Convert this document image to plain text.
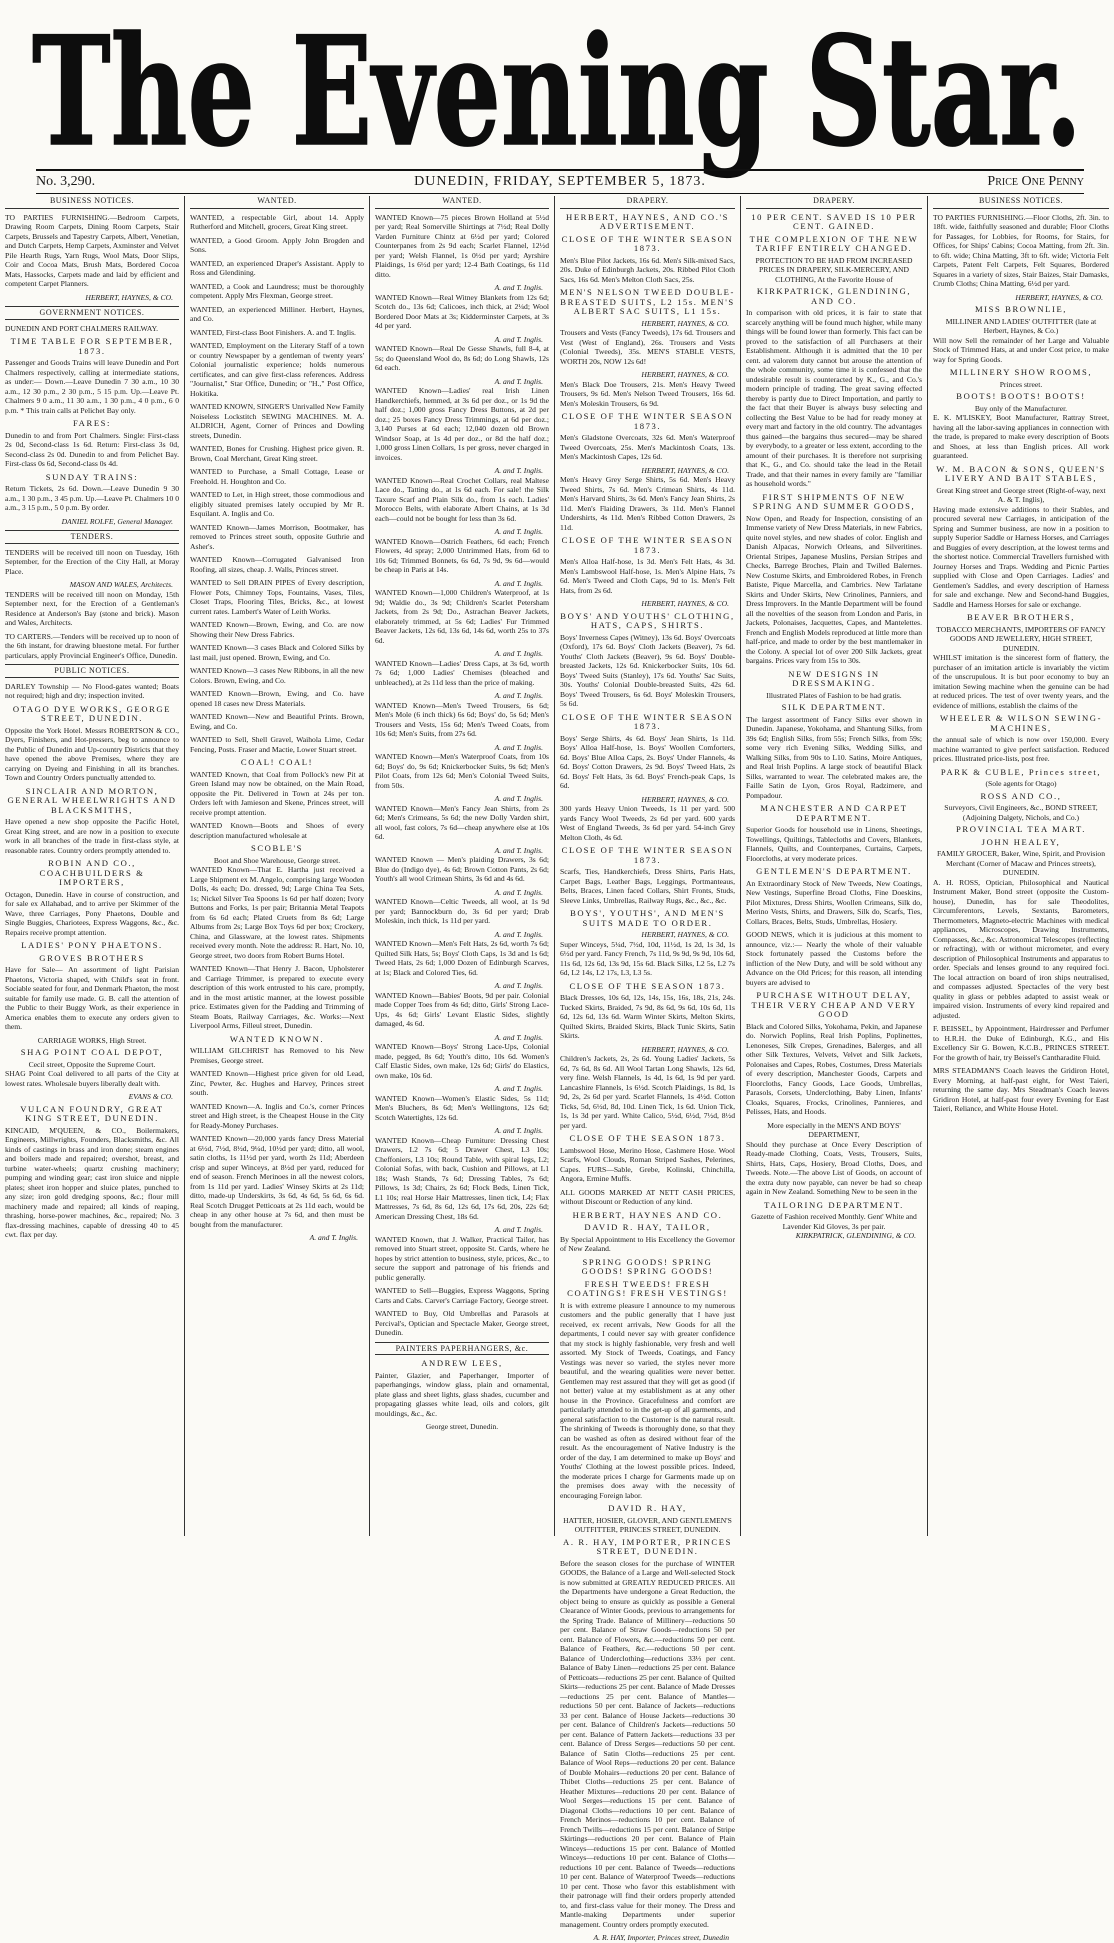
The Evening Star.
No. 3,290.	DUNEDIN, FRIDAY, SEPTEMBER 5, 1873.	Price One Penny
BUSINESS NOTICES.
TO PARTIES FURNISHING.—Bedroom Carpets, Drawing Room Carpets, Dining Room Carpets, Stair Carpets, Brussels and Tapestry Carpets, Albert, Venetian, and Dutch Carpets, Hemp Carpets, Axminster and Velvet Pile Hearth Rugs, Yarn Rugs, Wool Mats, Door Slips, Coir and Cocoa Mats, Brush Mats, Bordered Cocoa Mats, Hassocks, Carpets made and laid by efficient and competent Carpet Planners.
HERBERT, HAYNES, & CO.
GOVERNMENT NOTICES.
DUNEDIN AND PORT CHALMERS RAILWAY.
TIME TABLE FOR SEPTEMBER, 1873.
Passenger and Goods Trains will leave Dunedin and Port Chalmers respectively, calling at intermediate stations, as under:— Down.—Leave Dunedin 7 30 a.m., 10 30 a.m., 12 30 p.m., 2 30 p.m., 5 15 p.m. Up.—Leave Pt. Chalmers 9 0 a.m., 11 30 a.m., 1 30 p.m., 4 0 p.m., 6 0 p.m. * This train calls at Pelichet Bay only.
FARES:
Dunedin to and from Port Chalmers. Single: First-class 2s 0d, Second-class 1s 6d. Return: First-class 3s 0d, Second-class 2s 0d. Dunedin to and from Pelichet Bay. First-class 0s 6d, Second-class 0s 4d.
SUNDAY TRAINS:
Return Tickets, 2s 6d. Down.—Leave Dunedin 9 30 a.m., 1 30 p.m., 3 45 p.m. Up.—Leave Pt. Chalmers 10 0 a.m., 3 15 p.m., 5 0 p.m. By order.
DANIEL ROLFE, General Manager.
TENDERS.
TENDERS will be received till noon on Tuesday, 16th September, for the Erection of the City Hall, at Moray Place.
MASON AND WALES, Architects.
TENDERS will be received till noon on Monday, 15th September next, for the Erection of a Gentleman's Residence at Anderson's Bay (stone and brick). Mason and Wales, Architects.
TO CARTERS.—Tenders will be received up to noon of the 6th instant, for drawing bluestone metal. For further particulars, apply Provincial Engineer's Office, Dunedin.
PUBLIC NOTICES.
DARLEY Township — No Flood-gates wanted; Boats not required; high and dry; inspection invited.
OTAGO DYE WORKS, GEORGE STREET, DUNEDIN.
Opposite the York Hotel. Messrs ROBERTSON & CO., Dyers, Finishers, and Hot-pressers, beg to announce to the Public of Dunedin and Up-country Districts that they have opened the above Premises, where they are carrying on Dyeing and Finishing in all its branches. Town and Country Orders punctually attended to.
SINCLAIR AND MORTON, GENERAL WHEELWRIGHTS AND BLACKSMITHS,
Have opened a new shop opposite the Pacific Hotel, Great King street, and are now in a position to execute work in all branches of the trade in first-class style, at reasonable rates. Country orders promptly attended to.
ROBIN AND CO., COACHBUILDERS & IMPORTERS,
Octagon, Dunedin. Have in course of construction, and for sale ex Allahabad, and to arrive per Skimmer of the Wave, three Carriages, Pony Phaetons, Double and Single Buggies, Chariotees, Express Waggons, &c., &c. Repairs receive prompt attention.
LADIES' PONY PHAETONS.
GROVES BROTHERS
Have for Sale— An assortment of light Parisian Phaetons, Victoria shaped, with Child's seat in front. Sociable seated for four, and Denmark Phaeton, the most suitable for family use made. G. B. call the attention of the Public to their Buggy Work, as their experience in America enables them to execute any orders given to them.
CARRIAGE WORKS, High Street.
SHAG POINT COAL DEPOT,
Cecil street, Opposite the Supreme Court.
SHAG Point Coal delivered to all parts of the City at lowest rates. Wholesale buyers liberally dealt with.
EVANS & CO.
VULCAN FOUNDRY, GREAT KING STREET, DUNEDIN.
KINCAID, M'QUEEN, & CO., Boilermakers, Engineers, Millwrights, Founders, Blacksmiths, &c. All kinds of castings in brass and iron done; steam engines and boilers made and repaired; overshot, breast, and turbine water-wheels; quartz crushing machinery; pumping and winding gear; cast iron sluice and nipple plates; sheet iron hopper and sluice plates, punched to any size; iron gold dredging spoons, &c.; flour mill machinery made and repaired; all kinds of reaping, thrashing, horse-power machines, &c., repaired; No. 3 flax-dressing machines, capable of dressing 40 to 45 cwt. flax per day.
WANTED.
WANTED, a respectable Girl, about 14. Apply Rutherford and Mitchell, grocers, Great King street.
WANTED, a Good Groom. Apply John Brogden and Sons.
WANTED, an experienced Draper's Assistant. Apply to Ross and Glendining.
WANTED, a Cook and Laundress; must be thoroughly competent. Apply Mrs Flexman, George street.
WANTED, an experienced Milliner. Herbert, Haynes, and Co.
WANTED, First-class Boot Finishers. A. and T. Inglis.
WANTED, Employment on the Literary Staff of a town or country Newspaper by a gentleman of twenty years' Colonial journalistic experience; holds numerous certificates, and can give first-class references. Address "Journalist," Star Office, Dunedin; or "H.," Post Office, Hokitika.
WANTED KNOWN, SINGER'S Unrivalled New Family Noiseless Lockstitch SEWING MACHINES. M. A. ALDRICH, Agent, Corner of Princes and Dowling streets, Dunedin.
WANTED, Bones for Crushing. Highest price given. R. Brown, Coal Merchant, Great King street.
WANTED to Purchase, a Small Cottage, Lease or Freehold. H. Houghton and Co.
WANTED to Let, in High street, those commodious and eligibly situated premises lately occupied by Mr R. Esquilant. A. Inglis and Co.
WANTED Known—James Morrison, Bootmaker, has removed to Princes street south, opposite Guthrie and Asher's.
WANTED Known—Corrugated Galvanised Iron Roofing, all sizes, cheap. J. Walls, Princes street.
WANTED to Sell DRAIN PIPES of Every description, Flower Pots, Chimney Tops, Fountains, Vases, Tiles, Closet Traps, Flooring Tiles, Bricks, &c., at lowest current rates. Lambert's Water of Leith Works.
WANTED Known—Brown, Ewing, and Co. are now Showing their New Dress Fabrics.
WANTED Known—3 cases Black and Colored Silks by last mail, just opened. Brown, Ewing, and Co.
WANTED Known—3 cases New Ribbons, in all the new Colors. Brown, Ewing, and Co.
WANTED Known—Brown, Ewing, and Co. have opened 18 cases new Dress Materials.
WANTED Known—New and Beautiful Prints. Brown, Ewing, and Co.
WANTED to Sell, Shell Gravel, Waihola Lime, Cedar Fencing, Posts. Fraser and Mactie, Lower Stuart street.
COAL! COAL!
WANTED Known, that Coal from Pollock's new Pit at Green Island may now be obtained, on the Main Road, opposite the Pit. Delivered in Town at 24s per ton. Orders left with Jamieson and Skene, Princes street, will receive prompt attention.
WANTED Known—Boots and Shoes of every description manufactured wholesale at
SCOBLE'S
Boot and Shoe Warehouse, George street.
WANTED Known—That E. Hartha just received a Large Shipment ex M. Angelo, comprising large Wooden Dolls, 4s each; Do. dressed, 9d; Large China Tea Sets, 1s; Nickel Silver Tea Spoons 1s 6d per half dozen; Ivory Buttons and Forks, 1s per pair; Britannia Metal Teapots from 6s 6d each; Plated Cruets from 8s 6d; Large Albums from 2s; Large Box Toys 6d per box; Crockery, China, and Glassware, at the lowest rates. Shipments received every month. Note the address: R. Hart, No. 10, George street, two doors from Robert Burns Hotel.
WANTED Known—That Henry J. Bacon, Upholsterer and Carriage Trimmer, is prepared to execute every description of this work entrusted to his care, promptly, and in the most artistic manner, at the lowest possible price. Estimates given for the Padding and Trimming of Steam Boats, Railway Carriages, &c. Works:—Next Liverpool Arms, Filleul street, Dunedin.
WANTED KNOWN.
WILLIAM GILCHRIST has Removed to his New Premises, George street.
WANTED Known—Highest price given for old Lead, Zinc, Pewter, &c. Hughes and Harvey, Princes street south.
WANTED Known—A. Inglis and Co.'s, corner Princes street and High street, is the Cheapest House in the City for Ready-Money Purchases.
WANTED Known—20,000 yards fancy Dress Material at 6½d, 7½d, 8½d, 9¼d, 10½d per yard; ditto, all wool, satin cloths, 1s 11½d per yard, worth 2s 11d; Aberdeen crisp and super Winceys, at 8½d per yard, reduced for end of season. French Merinoes in all the newest colors, from 1s 11d per yard. Ladies' Winsey Skirts at 2s 11d; ditto, made-up Underskirts, 3s 6d, 4s 6d, 5s 6d, 6s 6d. Real Scotch Drugget Petticoats at 2s 11d each, would be cheap in any other house at 7s 6d, and then must be bought from the manufacturer.
A. and T. Inglis.
WANTED.
WANTED Known—75 pieces Brown Holland at 5½d per yard; Real Somerville Shirtings at 7½d; Real Dolly Varden Furniture Chintz at 6½d per yard; Colored Counterpanes from 2s 9d each; Scarlet Flannel, 12½d per yard; Welsh Flannel, 1s 0½d per yard; Ayrshire Plaidings, 1s 6½d per yard; 12-4 Bath Coatings, 6s 11d ditto.
A. and T. Inglis.
WANTED Known—Real Witney Blankets from 12s 6d; Scotch do., 13s 6d; Calicoes, inch thick, at 2¼d; Wool Bordered Door Mats at 3s; Kidderminster Carpets, at 3s 4d per yard.
A. and T. Inglis.
WANTED Known—Real De Gesse Shawls, full 8-4, at 5s; do Queensland Wool do, 8s 6d; do Long Shawls, 12s 6d each.
A. and T. Inglis.
WANTED Known—Ladies' real Irish Linen Handkerchiefs, hemmed, at 3s 6d per doz., or 1s 9d the half doz.; 1,000 gross Fancy Dress Buttons, at 2d per doz.; 25 boxes Fancy Dress Trimmings, at 6d per doz.; 3,140 Purses at 6d each; 12,040 dozen old Brown Windsor Soap, at 1s 4d per doz., or 8d the half doz.; 1,000 gross Linen Collars, 1s per gross, never charged in invoices.
A. and T. Inglis.
WANTED Known—Real Crochet Collars, real Maltese Lace do., Tatting do., at 1s 6d each. For sale! the Silk Taxure Scarf and Plain Silk do., from 1s each. Ladies' Morocco Belts, with elaborate Albert Chains, at 1s 3d each—could not be bought for less than 3s 6d.
A. and T. Inglis.
WANTED Known—Ostrich Feathers, 6d each; French Flowers, 4d spray; 2,000 Untrimmed Hats, from 6d to 10s 6d; Trimmed Bonnets, 6s 6d, 7s 9d, 9s 6d—would be cheap in Paris at 14s.
A. and T. Inglis.
WANTED Known—1,000 Children's Waterproof, at 1s 9d; Waldie do., 3s 9d; Children's Scarlet Petersham Jackets, from 2s 9d; Do., Astrachan Beaver Jackets, elaborately trimmed, at 5s 6d; Ladies' Fur Trimmed Beaver Jackets, 12s 6d, 13s 6d, 14s 6d, worth 25s to 37s 6d.
A. and T. Inglis.
WANTED Known—Ladies' Dress Caps, at 3s 6d, worth 7s 6d; 1,000 Ladies' Chemises (bleached and unbleached), at 2s 11d less than the price of making.
A. and T. Inglis.
WANTED Known—Men's Tweed Trousers, 6s 6d; Men's Mole (6 inch thick) 6s 6d; Boys' do, 5s 6d; Men's Trousers and Vests, 15s 6d; Men's Tweed Coats, from 10s 6d; Men's Suits, from 27s 6d.
A. and T. Inglis.
WANTED Known—Men's Waterproof Coats, from 10s 6d; Boys' do, 9s 6d; Knickerbocker Suits, 9s 6d; Men's Pilot Coats, from 12s 6d; Men's Colonial Tweed Suits, from 50s.
A. and T. Inglis.
WANTED Known—Men's Fancy Jean Shirts, from 2s 6d; Men's Crimeans, 5s 6d; the new Dolly Varden shirt, all wool, fast colors, 7s 6d—cheap anywhere else at 10s 6d.
A. and T. Inglis.
WANTED Known — Men's plaiding Drawers, 3s 6d; Blue do (Indigo dye), 4s 6d; Brown Cotton Pants, 2s 6d; Youth's all wool Crimean Shirts, 3s 6d and 4s 6d.
A. and T. Inglis.
WANTED Known—Celtic Tweeds, all wool, at 1s 9d per yard; Bannockburn do, 3s 6d per yard; Drab Moleskin, inch thick, 1s 11d per yard.
A. and T. Inglis.
WANTED Known—Men's Felt Hats, 2s 6d, worth 7s 6d; Quilted Silk Hats, 5s; Boys' Cloth Caps, 1s 3d and 1s 6d; Tweed Hats, 2s 6d; 1,000 Dozen of Edinburgh Scarves, at 1s; Black and Colored Ties, 6d.
A. and T. Inglis.
WANTED Known—Babies' Boots, 9d per pair. Colonial made Copper Toes from 4s 6d; ditto, Girls' Strong Lace-Ups, 4s 6d; Girls' Levant Elastic Sides, slightly damaged, 4s 6d.
A. and T. Inglis.
WANTED Known—Boys' Strong Lace-Ups, Colonial made, pegged, 8s 6d; Youth's ditto, 10s 6d. Women's Calf Elastic Sides, own make, 12s 6d; Girls' do Elastics, own make, 10s 6d.
A. and T. Inglis.
WANTED Known—Women's Elastic Sides, 5s 11d; Men's Bluchers, 8s 6d; Men's Wellingtons, 12s 6d; Scotch Watertights, 12s 6d.
A. and T. Inglis.
WANTED Known—Cheap Furniture: Dressing Chest Drawers, L2 7s 6d; 5 Drawer Chest, L3 10s; Cheffoniers, L3 10s; Round Table, with spiral legs, L2; Colonial Sofas, with back, Cushion and Pillows, at L1 18s; Wash Stands, 7s 6d; Dressing Tables, 7s 6d; Pillows, 1s 3d; Chairs, 2s 6d; Flock Beds, Linen Tick, L1 10s; real Horse Hair Mattresses, linen tick, L4; Flax Mattresses, 7s 6d, 8s 6d, 12s 6d, 17s 6d, 20s, 22s 6d; American Dressing Chest, 18s 6d.
A. and T. Inglis.
WANTED Known, that J. Walker, Practical Tailor, has removed into Stuart street, opposite St. Cards, where he hopes by strict attention to business, style, prices, &c., to secure the support and patronage of his friends and public generally.
WANTED to Sell—Buggies, Express Waggons, Spring Carts and Cabs. Carver's Carriage Factory, George street.
WANTED to Buy, Old Umbrellas and Parasols at Percival's, Optician and Spectacle Maker, George street, Dunedin.
PAINTERS PAPERHANGERS, &c.
ANDREW LEES,
Painter, Glazier, and Paperhanger, Importer of paperhangings, window glass, plain and ornamental, plate glass and sheet lights, glass shades, cucumber and propagating glasses white lead, oils and colors, gilt mouldings, &c., &c.
George street, Dunedin.
DRAPERY.
HERBERT, HAYNES, AND CO.'S ADVERTISEMENT.
CLOSE OF THE WINTER SEASON 1873.
Men's Blue Pilot Jackets, 16s 6d. Men's Silk-mixed Sacs, 20s. Duke of Edinburgh Jackets, 20s. Ribbed Pilot Cloth Sacs, 16s 6d. Men's Melton Cloth Sacs, 25s.
MEN'S NELSON TWEED DOUBLE-BREASTED SUITS, L2 15s. MEN'S ALBERT SAC SUITS, L1 15s.
HERBERT, HAYNES, & CO.
Trousers and Vests (Fancy Tweeds), 17s 6d. Trousers and Vest (West of England), 26s. Trousers and Vests (Colonial Tweeds), 35s. MEN'S STABLE VESTS, WORTH 20s, NOW 12s 6d!
HERBERT, HAYNES, & CO.
Men's Black Doe Trousers, 21s. Men's Heavy Tweed Trousers, 9s 6d. Men's Nelson Tweed Trousers, 16s 6d. Men's Moleskin Trousers, 6s 9d.
CLOSE OF THE WINTER SEASON 1873.
Men's Gladstone Overcoats, 32s 6d. Men's Waterproof Tweed Overcoats, 25s. Men's Mackintosh Coats, 13s. Men's Mackintosh Capes, 12s 6d.
HERBERT, HAYNES, & CO.
Men's Heavy Grey Serge Shirts, 5s 6d. Men's Heavy Tweed Shirts, 7s 6d. Men's Crimean Shirts, 4s 11d. Men's Harvard Shirts, 3s 6d. Men's Fancy Jean Shirts, 2s 11d. Men's Flaiding Drawers, 3s 11d. Men's Flannel Undershirts, 4s 11d. Men's Ribbed Cotton Drawers, 2s 11d.
CLOSE OF THE WINTER SEASON 1873.
Men's Alloa Half-hose, 1s 3d. Men's Felt Hats, 4s 3d. Men's Lambswool Half-hose, 1s. Men's Alpine Hats, 7s 6d. Men's Tweed and Cloth Caps, 9d to 1s. Men's Felt Hats, from 2s 6d.
HERBERT, HAYNES, & CO.
BOYS' AND YOUTHS' CLOTHING, HATS, CAPS, SHIRTS.
Boys' Inverness Capes (Witney), 13s 6d. Boys' Overcoats (Oxford), 17s 6d. Boys' Cloth Jackets (Beaver), 7s 6d. Youths' Cloth Jackets (Beaver), 9s 6d. Boys' Double-breasted Jackets, 12s 6d. Knickerbocker Suits, 10s 6d. Boys' Tweed Suits (Stanley), 17s 6d. Youths' Sac Suits, 30s. Youths' Colonial Double-breasted Suits, 42s 6d. Boys' Tweed Trousers, 6s 6d. Boys' Moleskin Trousers, 5s 6d.
CLOSE OF THE WINTER SEASON 1873.
Boys' Serge Shirts, 4s 6d. Boys' Jean Shirts, 1s 11d. Boys' Alloa Half-hose, 1s. Boys' Woollen Comforters, 6d. Boys' Blue Alloa Caps, 2s. Boys' Under Flannels, 4s 6d. Boys' Cotton Drawers, 2s 9d. Boys' Tweed Hats, 2s 6d. Boys' Felt Hats, 3s 6d. Boys' French-peak Caps, 1s 6d.
HERBERT, HAYNES, & CO.
300 yards Heavy Union Tweeds, 1s 11 per yard. 500 yards Fancy Wool Tweeds, 2s 6d per yard. 600 yards West of England Tweeds, 3s 6d per yard. 54-inch Grey Melton Cloth, 4s 6d.
CLOSE OF THE WINTER SEASON 1873.
Scarfs, Ties, Handkerchiefs, Dress Shirts, Paris Hats, Carpet Bags, Leather Bags, Leggings, Portmanteaus, Belts, Braces, Linen faced Collars, Shirt Fronts, Studs, Sleeve Links, Umbrellas, Railway Rugs, &c., &c., &c.
BOYS', YOUTHS', AND MEN'S SUITS MADE TO ORDER.
HERBERT, HAYNES, & CO.
Super Winceys, 5¼d, 7½d, 10d, 11½d, 1s 2d, 1s 3d, 1s 6½d per yard. Fancy French, 7s 11d, 9s 9d, 9s 9d, 10s 6d, 11s 6d, 12s 6d, 13s 9d, 15s 6d. Black Silks, L2 5s, L2 7s 6d, L2 14s, L2 17s, L3, L3 5s.
CLOSE OF THE SEASON 1873.
Black Dresses, 10s 6d, 12s, 14s, 15s, 16s, 18s, 21s, 24s. Tucked Skirts, Braided, 7s 9d, 8s 6d, 9s 6d, 10s 6d, 11s 6d, 12s 6d, 13s 6d. Warm Winter Skirts, Melton Skirts, Quilted Skirts, Braided Skirts, Black Tunic Skirts, Satin Skirts.
HERBERT, HAYNES, & CO.
Children's Jackets, 2s, 2s 6d. Young Ladies' Jackets, 5s 6d, 7s 6d, 8s 6d. All Wool Tartan Long Shawls, 12s 6d, very fine. Welsh Flannels, 1s 4d, 1s 6d, 1s 9d per yard. Lancashire Flannels, 1s 6½d. Scotch Plaidings, 1s 8d, 1s 9d, 2s, 2s 6d per yard. Scarlet Flannels, 1s 4½d. Cotton Ticks, 5d, 6½d, 8d, 10d. Linen Tick, 1s 6d. Union Tick, 1s, 1s 3d per yard. White Calico, 5½d, 6½d, 7½d, 8½d per yard.
CLOSE OF THE SEASON 1873.
Lambswool Hose, Merino Hose, Cashmere Hose. Wool Scarfs, Wool Clouds, Roman Striped Sashes, Pelerines, Capes. FURS—Sable, Grebe, Kolinski, Chinchilla, Angora, Ermine Muffs.
ALL GOODS MARKED AT NETT CASH PRICES, without Discount or Reduction of any kind.
HERBERT, HAYNES AND CO.
DAVID R. HAY, TAILOR,
By Special Appointment to His Excellency the Governor of New Zealand.
SPRING GOODS! SPRING GOODS! SPRING GOODS!
FRESH TWEEDS! FRESH COATINGS! FRESH VESTINGS!
It is with extreme pleasure I announce to my numerous customers and the public generally that I have just received, ex recent arrivals, New Goods for all the departments, I could never say with greater confidence that my stock is highly fashionable, very fresh and well assorted. My Stock of Tweeds, Coatings, and Fancy Vestings was never so varied, the styles never more beautiful, and the wearing qualities were never better. Gentlemen may rest assured that they will get as good (if not better) value at my establishment as at any other house in the Province. Gracefulness and comfort are particularly attended to in the get-up of all garments, and general satisfaction to the Customer is the natural result. The shrinking of Tweeds is thoroughly done, so that they can be washed as often as desired without fear of the result. As the encouragement of Native Industry is the order of the day, I am determined to make up Boys' and Youths' Clothing at the lowest possible prices. Indeed, the moderate prices I charge for Garments made up on the premises does away with the necessity of encouraging Foreign labor.
DAVID R. HAY,
HATTER, HOSIER, GLOVER, AND GENTLEMEN'S OUTFITTER, PRINCES STREET, DUNEDIN.
A. R. HAY, IMPORTER, PRINCES STREET, DUNEDIN.
Before the season closes for the purchase of WINTER GOODS, the Balance of a Large and Well-selected Stock is now submitted at GREATLY REDUCED PRICES. All the Departments have undergone a Great Reduction, the object being to ensure as quickly as possible a General Clearance of Winter Goods, previous to arrangements for the Spring Trade. Balance of Millinery—reductions 50 per cent. Balance of Straw Goods—reductions 50 per cent. Balance of Flowers, &c.—reductions 50 per cent. Balance of Feathers, &c.—reductions 50 per cent. Balance of Underclothing—reductions 33⅓ per cent. Balance of Baby Linen—reductions 25 per cent. Balance of Petticoats—reductions 25 per cent. Balance of Quilted Skirts—reductions 25 per cent. Balance of Made Dresses—reductions 25 per cent. Balance of Mantles—reductions 50 per cent. Balance of Jackets—reductions 33 per cent. Balance of House Jackets—reductions 30 per cent. Balance of Children's Jackets—reductions 50 per cent. Balance of Pattern Jackets—reductions 33 per cent. Balance of Dress Serges—reductions 50 per cent. Balance of Satin Cloths—reductions 25 per cent. Balance of Wool Reps—reductions 20 per cent. Balance of Double Mohairs—reductions 20 per cent. Balance of Thibet Cloths—reductions 25 per cent. Balance of Heather Mixtures—reductions 20 per cent. Balance of Wool Serges—reductions 15 per cent. Balance of Diagonal Cloths—reductions 10 per cent. Balance of French Merinos—reductions 10 per cent. Balance of French Twills—reductions 15 per cent. Balance of Stripe Skirtings—reductions 20 per cent. Balance of Plain Winceys—reductions 15 per cent. Balance of Mottled Winceys—reductions 10 per cent. Balance of Cloths—reductions 10 per cent. Balance of Tweeds—reductions 10 per cent. Balance of Waterproof Tweeds—reductions 10 per cent. Those who favor this establishment with their patronage will find their orders properly attended to, and first-class value for their money. The Dress and Mantle-making Departments under superior management. Country orders promptly executed.
A. R. HAY, Importer, Princes street, Dunedin
DRAPERY.
10 PER CENT. SAVED IS 10 PER CENT. GAINED.
THE COMPLEXION OF THE NEW TARIFF ENTIRELY CHANGED.
PROTECTION TO BE HAD FROM INCREASED PRICES IN DRAPERY, SILK-MERCERY, AND CLOTHING, At the Favorite House of
KIRKPATRICK, GLENDINING, AND CO.
In comparison with old prices, it is fair to state that scarcely anything will be found much higher, while many things will be found lower than formerly. This fact can be proved to the satisfaction of all Purchasers at their Establishment. Although it is admitted that the 10 per cent. ad valorem duty cannot but arouse the attention of the whole community, some time it is confessed that the undesirable result is counteracted by K., G., and Co.'s modern principle of trading. The great saving effected thereby is partly due to Direct Importation, and partly to the fact that their Buyer is always busy selecting and collecting the Best Value to be had for ready money at every mart and factory in the old country. The advantages thus gained—the bargains thus secured—may be shared by everybody, to a greater or less extent, according to the amount of their purchases. It is therefore not surprising that K., G., and Co. should take the lead in the Retail Trade, and that their names in every family are "familiar as household words."
FIRST SHIPMENTS OF NEW SPRING AND SUMMER GOODS,
Now Open, and Ready for Inspection, consisting of an Immense variety of New Dress Materials, in new Fabrics, quite novel styles, and new shades of color. English and Danish Alpacas, Norwich Orleans, and Silveritines. Oriental Stripes, Japanese Muslins, Persian Stripes and Checks, Barrege Broches, Plain and Twilled Balernes. New Costume Skirts, and Embroidered Robes, in French Batiste, Pique Marcella, and Cambrics. New Tarlatane Skirts and Under Skirts, New Crinolines, Panniers, and Dress Improvers. In the Mantle Department will be found all the novelties of the season from London and Paris, in Jackets, Polonaises, Jacquettes, Capes, and Mantelettes. French and English Models reproduced at little more than half-price, and made to order by the best mantlemaker in the Colony. A special lot of over 200 Silk Jackets, great bargains. Prices vary from 15s to 30s.
NEW DESIGNS IN DRESSMAKING.
Illustrated Plates of Fashion to be had gratis.
SILK DEPARTMENT.
The largest assortment of Fancy Silks ever shown in Dunedin. Japanese, Yokohama, and Shantung Silks, from 39s 6d; English Silks, from 55s; French Silks, from 59s; some very rich Evening Silks, Wedding Silks, and Walking Silks, from 90s to L10. Satins, Moire Antiques, and Real Irish Poplins. A large stock of beautiful Black Silks, warranted to wear. The celebrated makes are, the Faille Satin de Lyon, Gros Royal, Radzimere, and Pompadour.
MANCHESTER AND CARPET DEPARTMENT.
Superior Goods for household use in Linens, Sheetings, Towellings, Quiltings, Tablecloths and Covers, Blankets, Flannels, Quilts, and Counterpanes, Curtains, Carpets, Floorcloths, at very moderate prices.
GENTLEMEN'S DEPARTMENT.
An Extraordinary Stock of New Tweeds, New Coatings, New Vestings, Superfine Broad Cloths, Fine Doeskins, Pilot Mixtures, Dress Shirts, Woollen Crimeans, Silk do, Merino Vests, Shirts, and Drawers, Silk do, Scarfs, Ties, Collars, Braces, Belts, Studs, Umbrellas, Hosiery.
GOOD NEWS, which it is judicious at this moment to announce, viz.:— Nearly the whole of their valuable Stock fortunately passed the Customs before the infliction of the New Duty, and will be sold without any Advance on the Old Prices; for this reason, all intending buyers are advised to
PURCHASE WITHOUT DELAY, THEIR VERY CHEAP AND VERY GOOD
Black and Colored Silks, Yokohama, Pekin, and Japanese do. Norwich Poplins, Real Irish Poplins, Poplinettes, Lenoneses, Silk Crepes, Grenadines, Balerges, and all other Silk Textures, Velvets, Velvet and Silk Jackets, Polonaises and Capes, Robes, Costumes, Dress Materials of every description, Manchester Goods, Carpets and Floorcloths, Fancy Goods, Lace Goods, Umbrellas, Parasols, Corsets, Underclothing, Baby Linen, Infants' Cloaks, Squares, Frocks, Crinolines, Pannieres, and Pelisses, Hats, and Hoods.
More especially in the MEN'S AND BOYS' DEPARTMENT,
Should they purchase at Once Every Description of Ready-made Clothing, Coats, Vests, Trousers, Suits, Shirts, Hats, Caps, Hosiery, Broad Cloths, Does, and Tweeds. Note.—The above List of Goods, on account of the extra duty now payable, can never be had so cheap again in New Zealand. Something New to be seen in the
TAILORING DEPARTMENT.
Gazette of Fashion received Monthly. Gent' White and Lavender Kid Gloves, 3s per pair.
KIRKPATRICK, GLENDINING, & CO.
BUSINESS NOTICES.
TO PARTIES FURNISHING.—Floor Cloths, 2ft. 3in. to 18ft. wide, faithfully seasoned and durable; Floor Cloths for Passages, for Lobbies, for Rooms, for Stairs, for Offices, for Ships' Cabins; Cocoa Matting, from 2ft. 3in. to 6ft. wide; China Matting, 3ft to 6ft. wide; Victoria Felt Carpets, Patent Felt Carpets, Felt Squares, Bordered Squares in a variety of sizes, Stair Baizes, Stair Damasks, Crumb Cloths; China Matting, 6½d per yard.
HERBERT, HAYNES, & CO.
MISS BROWNLIE,
MILLINER AND LADIES' OUTFITTER (late at Herbert, Haynes, & Co.)
Will now Sell the remainder of her Large and Valuable Stock of Trimmed Hats, at and under Cost price, to make way for Spring Goods.
MILLINERY SHOW ROOMS,
Princes street.
BOOTS! BOOTS! BOOTS!
Buy only of the Manufacturer.
E. K. M'LISKEY, Boot Manufacturer, Rattray Street, having all the labor-saving appliances in connection with the trade, is prepared to make every description of Boots and Shoes, at less than English prices. All work guaranteed.
W. M. BACON & SONS, QUEEN'S LIVERY AND BAIT STABLES,
Great King street and George street (Right-of-way, next A. & T. Inglis),
Having made extensive additions to their Stables, and procured several new Carriages, in anticipation of the Spring and Summer business, are now in a position to supply Superior Saddle or Harness Horses, and Carriages and Buggies of every description, at the lowest terms and the shortest notice. Commercial Travellers furnished with Journey Horses and Traps. Wedding and Picnic Parties supplied with Close and Open Carriages. Ladies' and Gentlemen's Saddles, and every description of Harness for sale and exchange. New and Second-hand Buggies, Saddle and Harness Horses for sale or exchange.
BEAVER BROTHERS,
TOBACCO MERCHANTS, IMPORTERS OF FANCY GOODS AND JEWELLERY, HIGH STREET, DUNEDIN.
WHILST imitation is the sincerest form of flattery, the purchaser of an imitation article is invariably the victim of the unscrupulous. It is but poor economy to buy an imitation Sewing machine when the genuine can be had at reduced prices. The test of over twenty years, and the evidence of millions, establish the claims of the
WHEELER & WILSON SEWING-MACHINES,
the annual sale of which is now over 150,000. Every machine warranted to give perfect satisfaction. Reduced prices. Illustrated price-lists, post free.
PARK & CUBLE, Princes street,
(Sole agents for Otago)
ROSS AND CO.,
Surveyors, Civil Engineers, &c., BOND STREET, (Adjoining Dalgety, Nichols, and Co.)
PROVINCIAL TEA MART.
JOHN HEALEY,
FAMILY GROCER, Baker, Wine, Spirit, and Provision Merchant (Corner of Macaw and Princes streets), DUNEDIN.
A. H. ROSS, Optician, Philosophical and Nautical Instrument Maker, Bond street (opposite the Custom-house), Dunedin, has for sale Theodolites, Circumferentors, Levels, Sextants, Barometers, Thermometers, Magneto-electric Machines with medical appliances, Microscopes, Drawing Instruments, Compasses, &c., &c. Astronomical Telescopes (reflecting or refracting), with or without micrometer, and every description of Philosophical Instruments and apparatus to order. Specials and lenses ground to any required foci. The local attraction on board of iron ships neutralised, and compasses adjusted. Spectacles of the very best quality in glass or pebbles adapted to assist weak or impaired vision. Instruments of every kind repaired and adjusted.
F. BEISSEL, by Appointment, Hairdresser and Perfumer to H.R.H. the Duke of Edinburgh, K.G., and His Excellency Sir G. Bowen, K.C.B., PRINCES STREET. For the growth of hair, try Beissel's Cantharadite Fluid.
MRS STEADMAN'S Coach leaves the Gridiron Hotel, Every Morning, at half-past eight, for West Taieri, returning the same day. Mrs Steadman's Coach leaves Gridiron Hotel, at half-past four every Evening for East Taieri, Reliance, and White House Hotel.
